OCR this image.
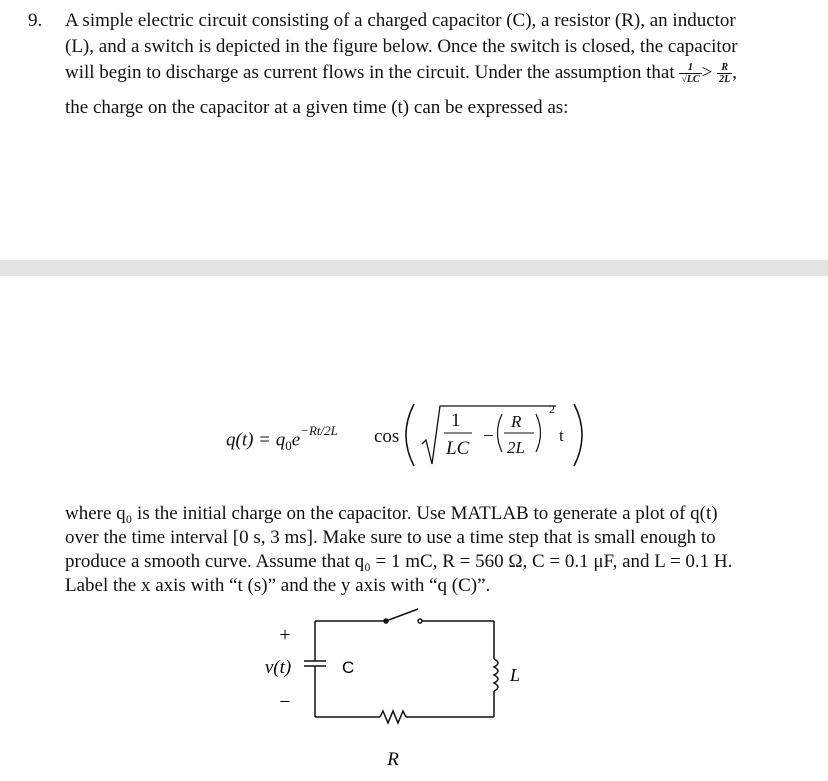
9. A simple electric circuit consisting of a charged capacitor (C), a resistor (R), an inductor
(L), and a switch is depicted in the figure below. Once the switch is closed, the capacitor
will begin to discharge as current flows in the circuit. Under the assumption that $\frac{1}{√LC} > \frac{R}{2L}$ ,
the charge on the capacitor at a given time (t) can be expressed as:
$q(t) = q_0e^{-Rt/2L}$ cos
1
LC
−
R
2L
2
t
where q₀ is the initial charge on the capacitor. Use MATLAB to generate a plot of q(t)
over the time interval [0 s, 3 ms]. Make sure to use a time step that is small enough to
produce a smooth curve. Assume that q₀ = 1 mC, R = 560 Ω, C = 0.1 μF, and L = 0.1 H.
Label the x axis with “t (s)” and the y axis with “q (C)”.
+
−
v(t)	C	L
R
